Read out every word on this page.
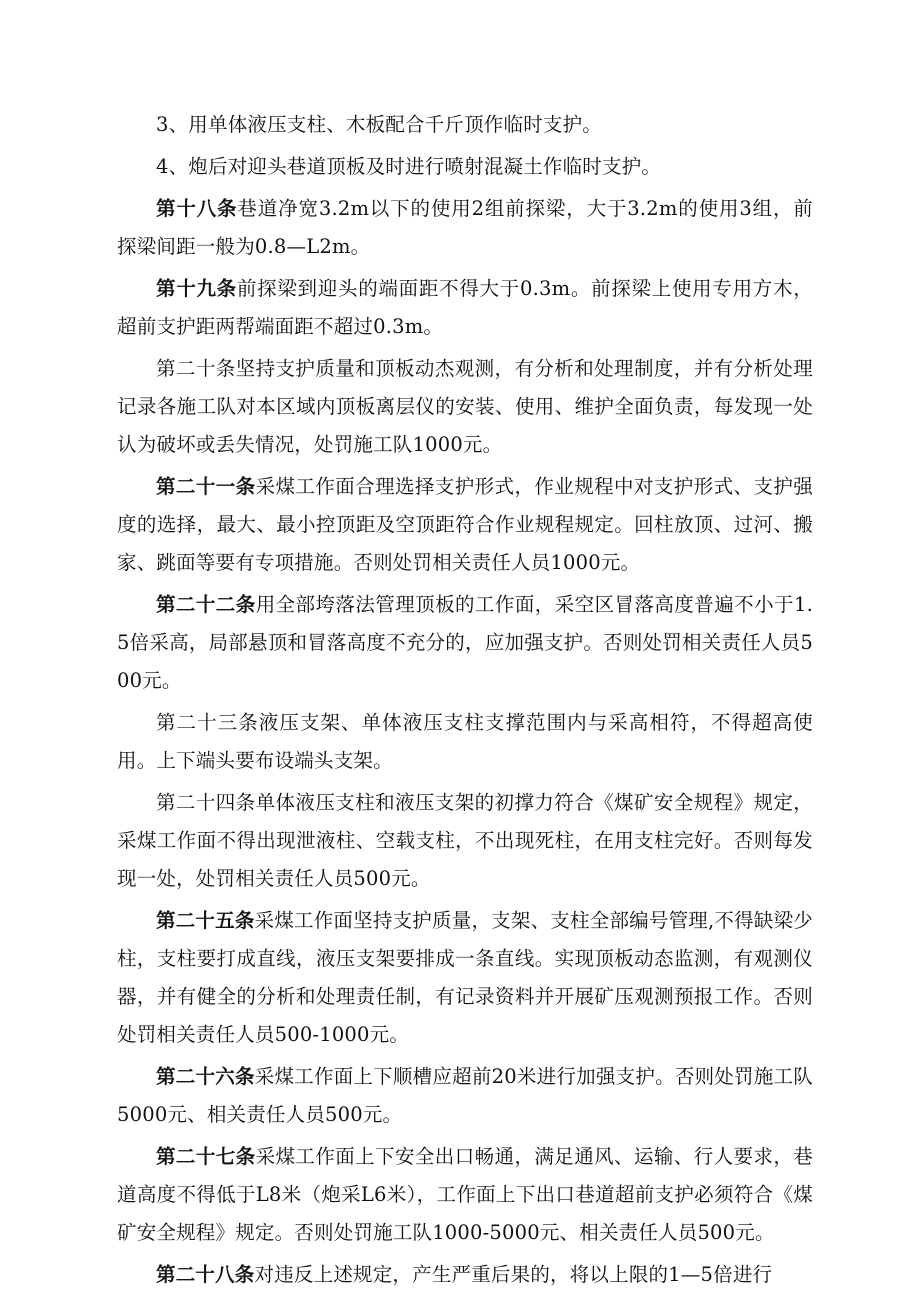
3、用单体液压支柱、木板配合千斤顶作临时支护。

4、炮后对迎头巷道顶板及时进行喷射混凝土作临时支护。

第十八条巷道净宽3.2m以下的使用2组前探梁，大于3.2m的使用3组，前探梁间距一般为0.8—L2m。

第十九条前探梁到迎头的端面距不得大于0.3m。前探梁上使用专用方木，超前支护距两帮端面距不超过0.3m。

第二十条坚持支护质量和顶板动杰观测，有分析和处理制度，并有分析处理记录各施工队对本区域内顶板离层仪的安装、使用、维护全面负责，每发现一处认为破坏或丢失情况，处罚施工队1000元。

第二十一条采煤工作面合理选择支护形式，作业规程中对支护形式、支护强度的选择，最大、最小控顶距及空顶距符合作业规程规定。回柱放顶、过河、搬家、跳面等要有专项措施。否则处罚相关责任人员1000元。

第二十二条用全部垮落法管理顶板的工作面，采空区冒落高度普遍不小于1.5倍采高，局部悬顶和冒落高度不充分的，应加强支护。否则处罚相关责任人员500元。

第二十三条液压支架、单体液压支柱支撑范围内与采高相符，不得超高使用。上下端头要布设端头支架。

第二十四条单体液压支柱和液压支架的初撑力符合《煤矿安全规程》规定，采煤工作面不得出现泄液柱、空载支柱，不出现死柱，在用支柱完好。否则每发现一处，处罚相关责任人员500元。

第二十五条采煤工作面坚持支护质量，支架、支柱全部编号管理,不得缺梁少柱，支柱要打成直线，液压支架要排成一条直线。实现顶板动态监测，有观测仪器，并有健全的分析和处理责任制，有记录资料并开展矿压观测预报工作。否则处罚相关责任人员500-1000元。

第二十六条采煤工作面上下顺槽应超前20米进行加强支护。否则处罚施工队5000元、相关责任人员500元。

第二十七条采煤工作面上下安全出口畅通，满足通风、运输、行人要求，巷道高度不得低于L8米（炮采L6米），工作面上下出口巷道超前支护必须符合《煤矿安全规程》规定。否则处罚施工队1000-5000元、相关责任人员500元。

第二十八条对违反上述规定，产生严重后果的，将以上限的1—5倍进行
